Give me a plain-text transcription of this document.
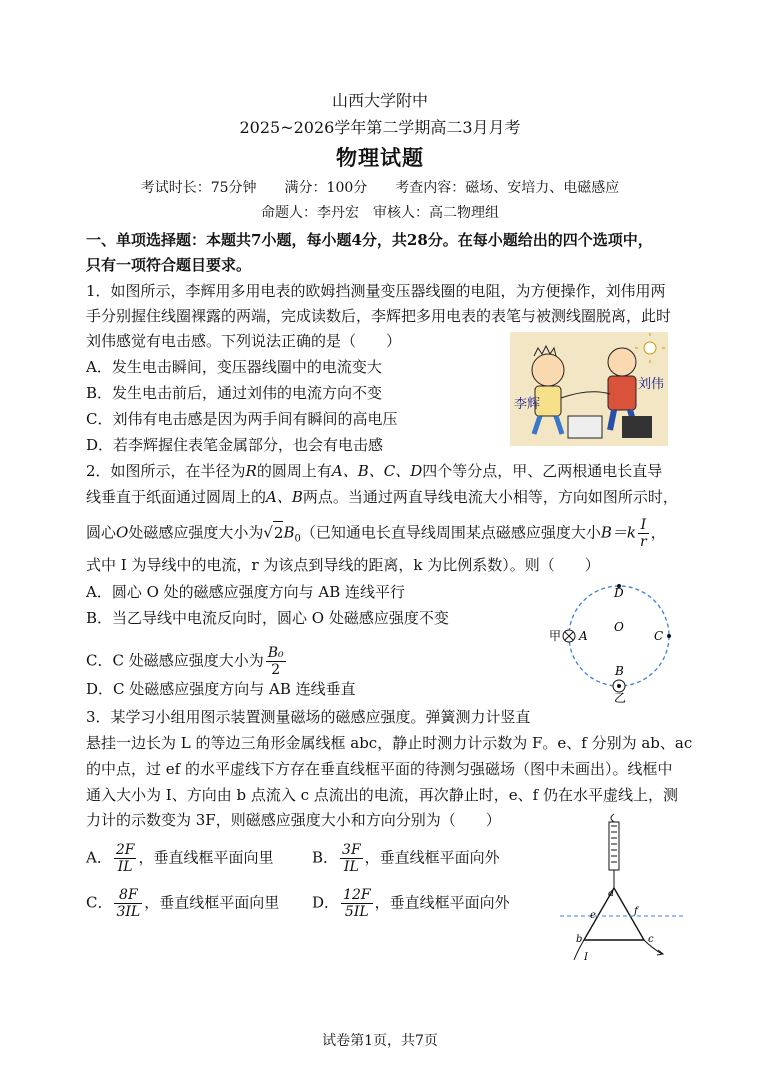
山西大学附中
2025~2026学年第二学期高二3月月考
物理试题
考试时长：75分钟　　满分：100分　　考查内容：磁场、安培力、电磁感应
命题人：李丹宏　审核人：高二物理组
一、单项选择题：本题共7小题，每小题4分，共28分。在每小题给出的四个选项中，
只有一项符合题目要求。
1．如图所示，李辉用多用电表的欧姆挡测量变压器线圈的电阻，为方便操作，刘伟用两
手分别握住线圈裸露的两端，完成读数后，李辉把多用电表的表笔与被测线圈脱离，此时
刘伟感觉有电击感。下列说法正确的是（　　）
A．发生电击瞬间，变压器线圈中的电流变大
B．发生电击前后，通过刘伟的电流方向不变
C．刘伟有电击感是因为两手间有瞬间的高电压
D．若李辉握住表笔金属部分，也会有电击感
李辉
刘伟
2．如图所示，在半径为R的圆周上有A、B、C、D四个等分点，甲、乙两根通电长直导
线垂直于纸面通过圆周上的A、B两点。当通过两直导线电流大小相等，方向如图所示时，
圆心O处磁感应强度大小为$√2B_0$（已知通电长直导线周围某点磁感应强度大小$B=k \frac{I}{r}$ ，
式中 I 为导线中的电流，r 为该点到导线的距离，k 为比例系数）。则（　　）
A．圆心 O 处的磁感应强度方向与 AB 连线平行
B．当乙导线中电流反向时，圆心 O 处磁感应强度不变
C．C 处磁感应强度大小为 $\frac{\text{B₀}}{2}$
D．C 处磁感应强度方向与 AB 连线垂直
D
O
C
A
B
甲
乙
3．某学习小组用图示装置测量磁场的磁感应强度。弹簧测力计竖直
悬挂一边长为 L 的等边三角形金属线框 abc，静止时测力计示数为 F。e、f 分别为 ab、ac
的中点，过 ef 的水平虚线下方存在垂直线框平面的待测匀强磁场（图中未画出）。线框中
通入大小为 I、方向由 b 点流入 c 点流出的电流，再次静止时，e、f 仍在水平虚线上，测
力计的示数变为 3F，则磁感应强度大小和方向分别为（　　）
A． $\frac{2F}{IL}$ ，垂直线框平面向里	B． $\frac{3F}{IL}$ ，垂直线框平面向外
C． $\frac{8F}{3IL}$ ，垂直线框平面向里 D． $\frac{12F}{5IL}$ ，垂直线框平面向外	a
e	f
b	c
I
试卷第1页，共7页
